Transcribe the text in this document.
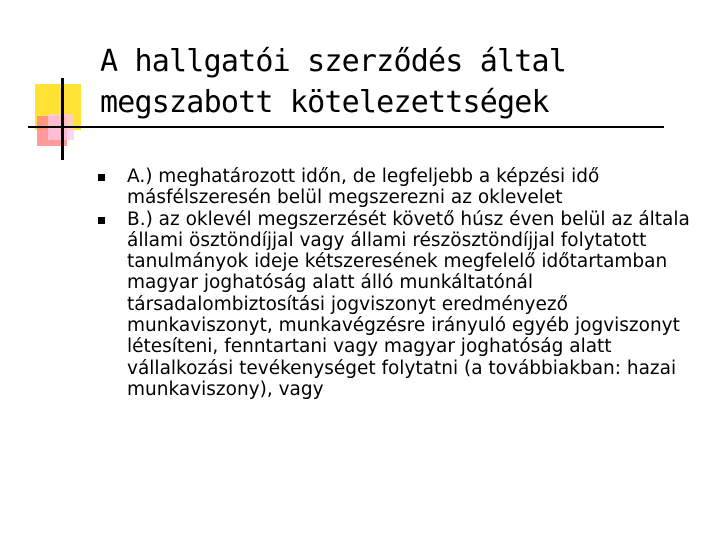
A hallgatói szerződés által
megszabott kötelezettségek
A.) meghatározott időn, de legfeljebb a képzési idő másfélszeresén belül megszerezni az oklevelet
B.) az oklevél megszerzését követő húsz éven belül az általa állami ösztöndíjjal vagy állami részösztöndíjjal folytatott tanulmányok ideje kétszeresének megfelelő időtartamban magyar joghatóság alatt álló munkáltatónál társadalombiztosítási jogviszonyt eredményező munkaviszonyt, munkavégzésre irányuló egyéb jogviszonyt létesíteni, fenntartani vagy magyar joghatóság alatt vállalkozási tevékenységet folytatni (a továbbiakban: hazai munkaviszony), vagy
